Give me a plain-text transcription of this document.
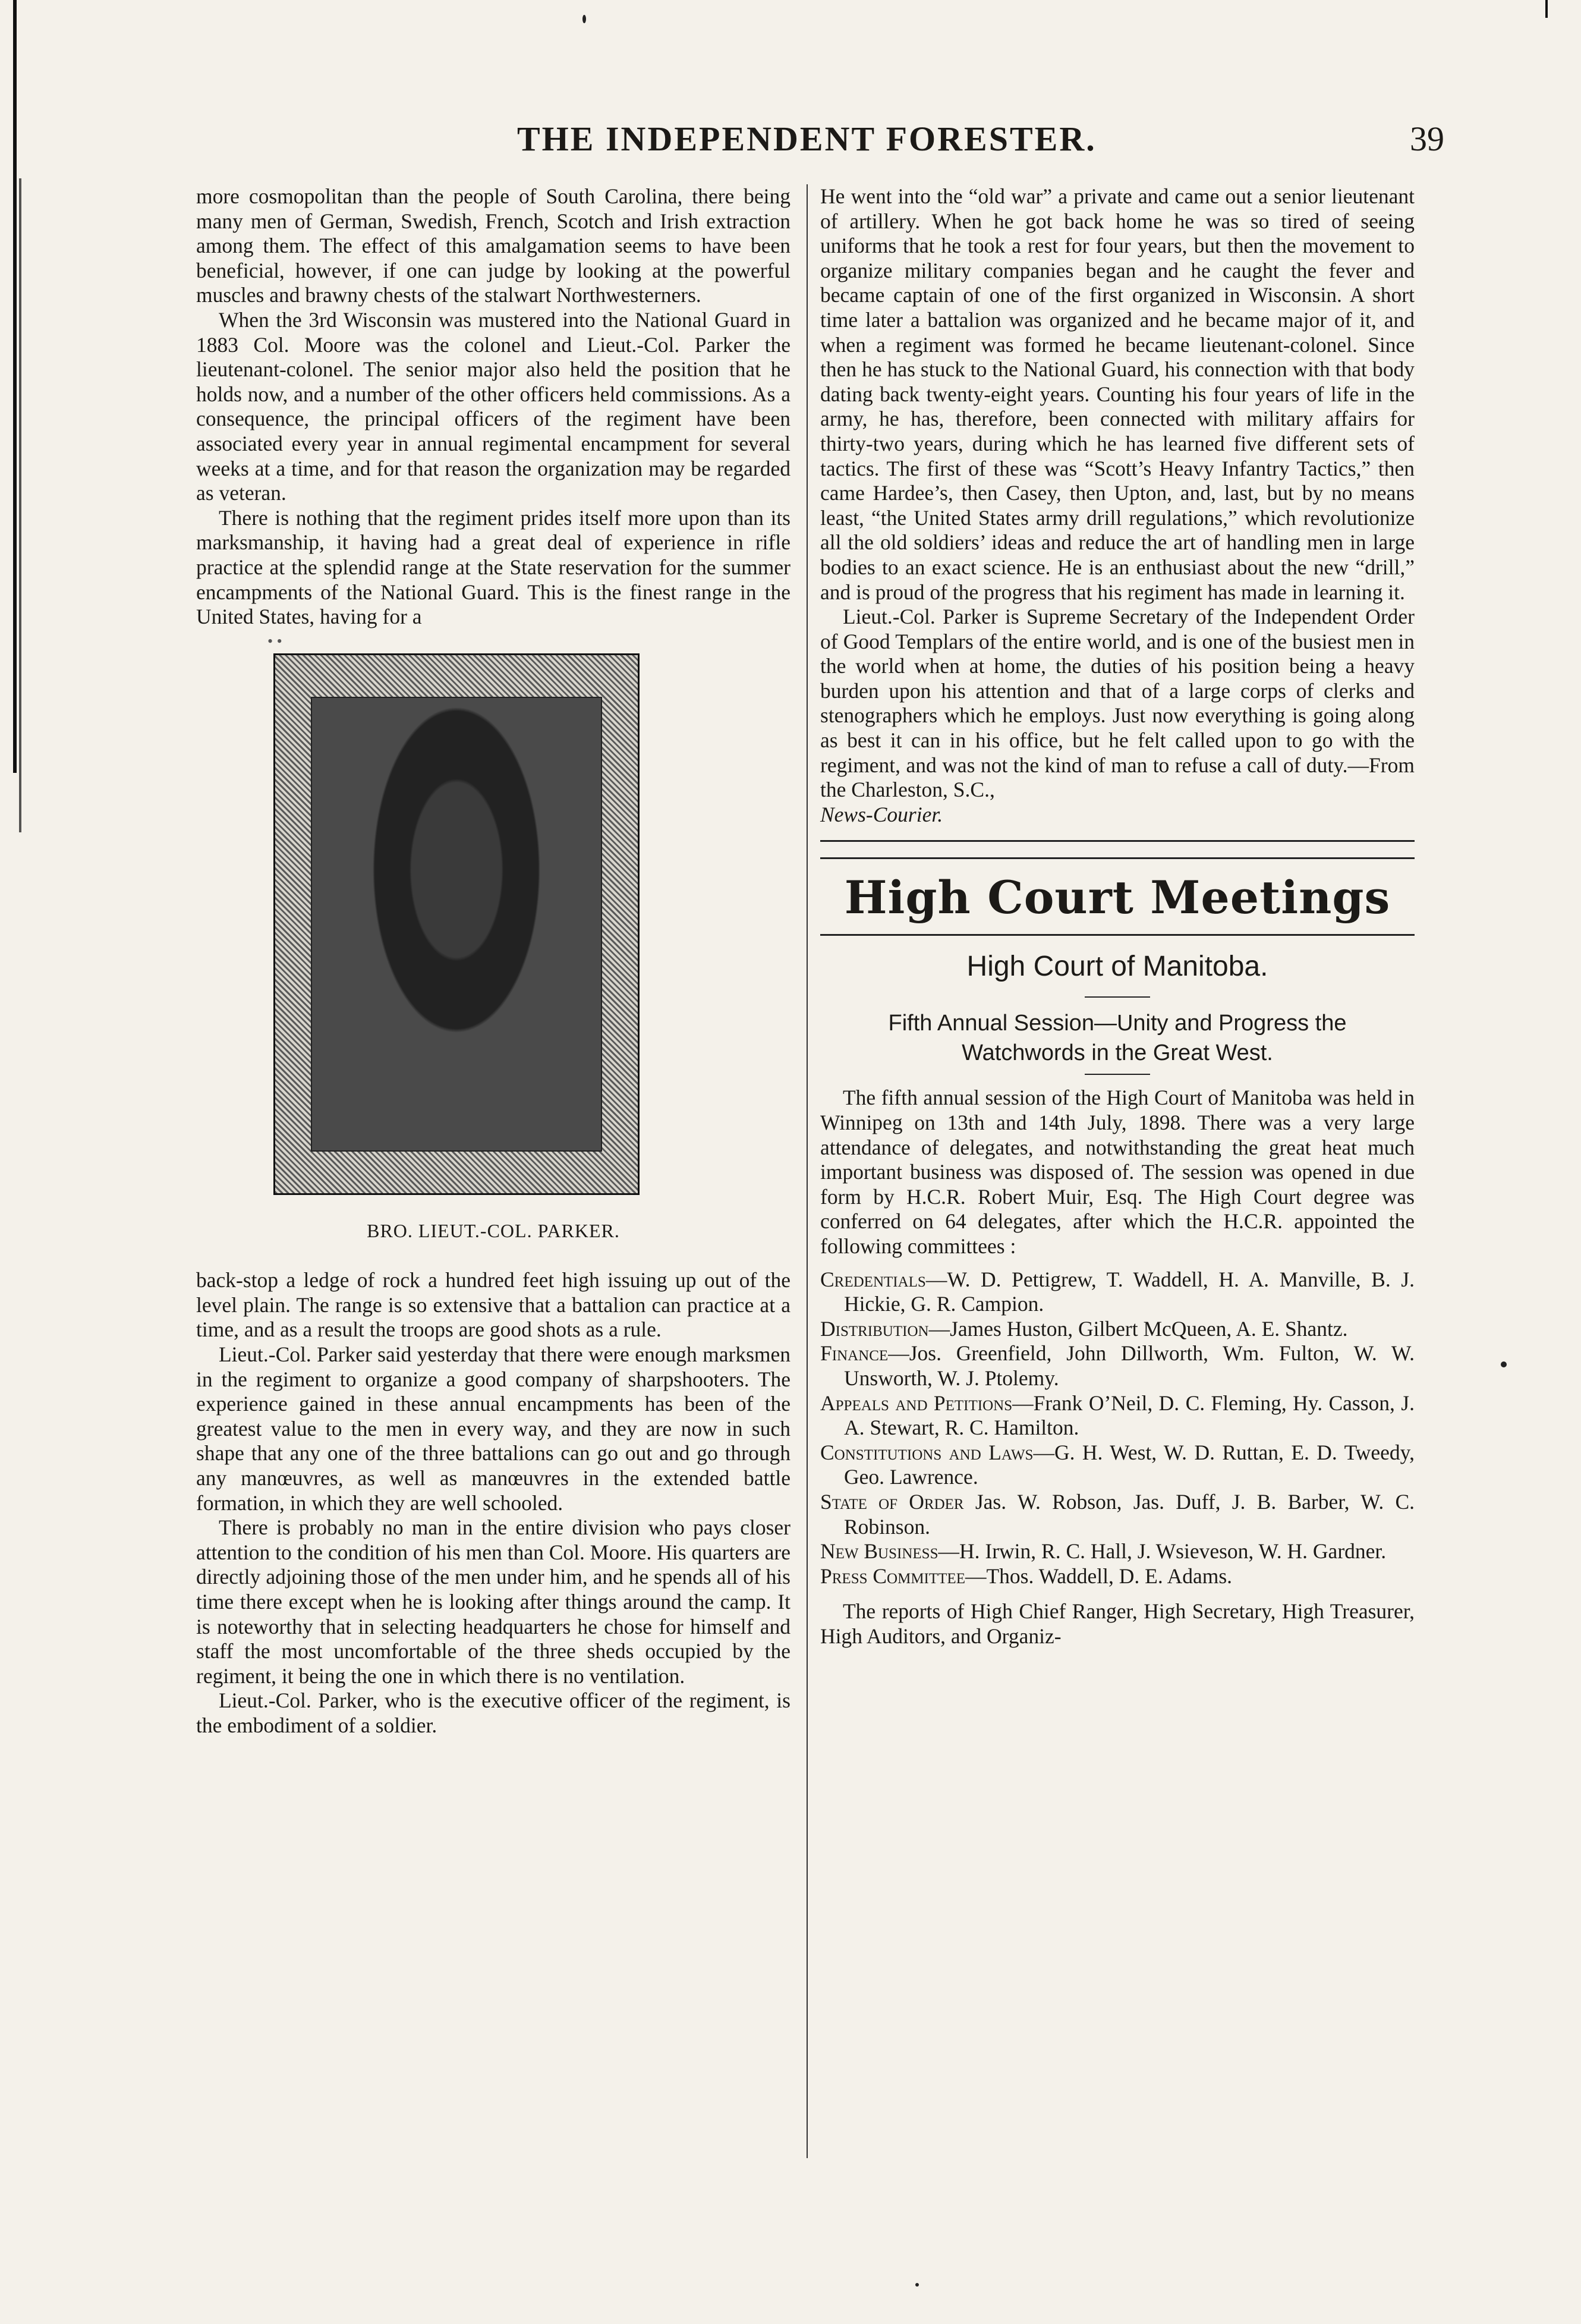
THE INDEPENDENT FORESTER.	39

more cosmopolitan than the people of South Carolina, there being many men of German, Swedish, French, Scotch and Irish extraction among them. The effect of this amalgamation seems to have been beneficial, however, if one can judge by looking at the powerful muscles and brawny chests of the stalwart Northwesterners.

When the 3rd Wisconsin was mustered into the National Guard in 1883 Col. Moore was the colonel and Lieut.-Col. Parker the lieutenant-colonel. The senior major also held the position that he holds now, and a number of the other officers held commissions. As a consequence, the principal officers of the regiment have been associated every year in annual regimental encampment for several weeks at a time, and for that reason the organization may be regarded as veteran.

There is nothing that the regiment prides itself more upon than its marksmanship, it having had a great deal of experience in rifle practice at the splendid range at the State reservation for the summer encampments of the National Guard. This is the finest range in the United States, having for a

• •
BRO. LIEUT.-COL. PARKER.

back-stop a ledge of rock a hundred feet high issuing up out of the level plain. The range is so extensive that a battalion can practice at a time, and as a result the troops are good shots as a rule.

Lieut.-Col. Parker said yesterday that there were enough marksmen in the regiment to organize a good company of sharpshooters. The experience gained in these annual encampments has been of the greatest value to the men in every way, and they are now in such shape that any one of the three battalions can go out and go through any manœuvres, as well as manœuvres in the extended battle formation, in which they are well schooled.

There is probably no man in the entire division who pays closer attention to the condition of his men than Col. Moore. His quarters are directly adjoining those of the men under him, and he spends all of his time there except when he is looking after things around the camp. It is noteworthy that in selecting headquarters he chose for himself and staff the most uncomfortable of the three sheds occupied by the regiment, it being the one in which there is no ventilation.

Lieut.-Col. Parker, who is the executive officer of the regiment, is the embodiment of a soldier.

He went into the “old war” a private and came out a senior lieutenant of artillery. When he got back home he was so tired of seeing uniforms that he took a rest for four years, but then the movement to organize military companies began and he caught the fever and became captain of one of the first organized in Wisconsin. A short time later a battalion was organized and he became major of it, and when a regiment was formed he became lieutenant-colonel. Since then he has stuck to the National Guard, his connection with that body dating back twenty-eight years. Counting his four years of life in the army, he has, therefore, been connected with military affairs for thirty-two years, during which he has learned five different sets of tactics. The first of these was “Scott’s Heavy Infantry Tactics,” then came Hardee’s, then Casey, then Upton, and, last, but by no means least, “the United States army drill regulations,” which revolutionize all the old soldiers’ ideas and reduce the art of handling men in large bodies to an exact science. He is an enthusiast about the new “drill,” and is proud of the progress that his regiment has made in learning it.

Lieut.-Col. Parker is Supreme Secretary of the Independent Order of Good Templars of the entire world, and is one of the busiest men in the world when at home, the duties of his position being a heavy burden upon his attention and that of a large corps of clerks and stenographers which he employs. Just now everything is going along as best it can in his office, but he felt called upon to go with the regiment, and was not the kind of man to refuse a call of duty.—From the Charleston, S.C.,

News-Courier.

High Court Meetings
High Court of Manitoba.
Fifth Annual Session—Unity and Progress the Watchwords in the Great West.

The fifth annual session of the High Court of Manitoba was held in Winnipeg on 13th and 14th July, 1898. There was a very large attendance of delegates, and notwithstanding the great heat much important business was disposed of. The session was opened in due form by H.C.R. Robert Muir, Esq. The High Court degree was conferred on 64 delegates, after which the H.C.R. appointed the following committees :

Credentials—W. D. Pettigrew, T. Waddell, H. A. Manville, B. J. Hickie, G. R. Campion.

Distribution—James Huston, Gilbert McQueen, A. E. Shantz.

Finance—Jos. Greenfield, John Dillworth, Wm. Fulton, W. W. Unsworth, W. J. Ptolemy.

Appeals and Petitions—Frank O’Neil, D. C. Fleming, Hy. Casson, J. A. Stewart, R. C. Hamilton.

Constitutions and Laws—G. H. West, W. D. Ruttan, E. D. Tweedy, Geo. Lawrence.

State of Order Jas. W. Robson, Jas. Duff, J. B. Barber, W. C. Robinson.

New Business—H. Irwin, R. C. Hall, J. Wsieveson, W. H. Gardner.

Press Committee—Thos. Waddell, D. E. Adams.

The reports of High Chief Ranger, High Secretary, High Treasurer, High Auditors, and Organiz-
